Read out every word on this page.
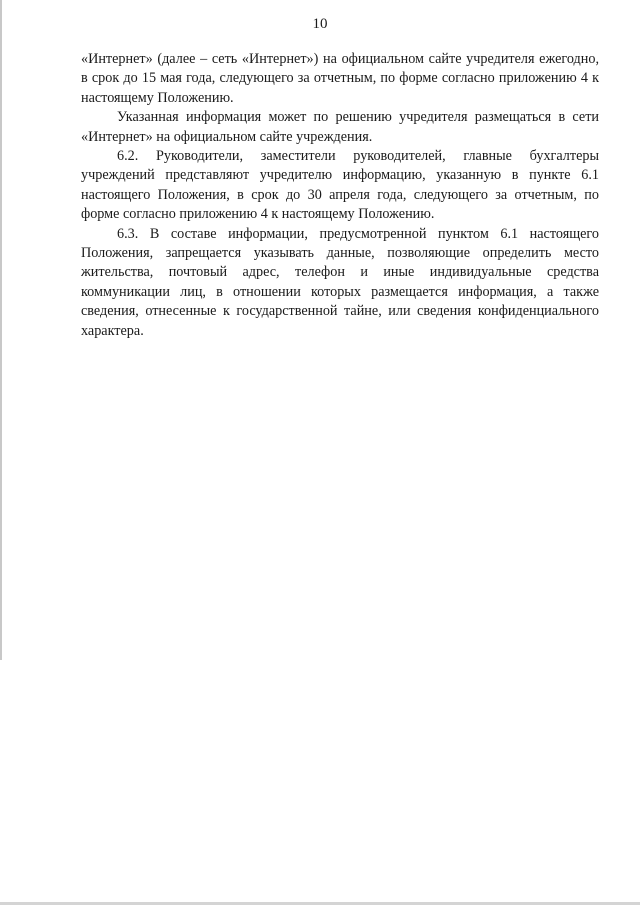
10

«Интернет» (далее – сеть «Интернет») на официальном сайте учредителя ежегодно, в срок до 15 мая года, следующего за отчетным, по форме согласно приложению 4 к настоящему Положению.

Указанная информация может по решению учредителя размещаться в сети «Интернет» на официальном сайте учреждения.

6.2. Руководители, заместители руководителей, главные бухгалтеры учреждений представляют учредителю информацию, указанную в пункте 6.1 настоящего Положения, в срок до 30 апреля года, следующего за отчетным, по форме согласно приложению 4 к настоящему Положению.

6.3. В составе информации, предусмотренной пунктом 6.1 настоящего Положения, запрещается указывать данные, позволяющие определить место жительства, почтовый адрес, телефон и иные индивидуальные средства коммуникации лиц, в отношении которых размещается информация, а также сведения, отнесенные к государственной тайне, или сведения конфиденциального характера.
